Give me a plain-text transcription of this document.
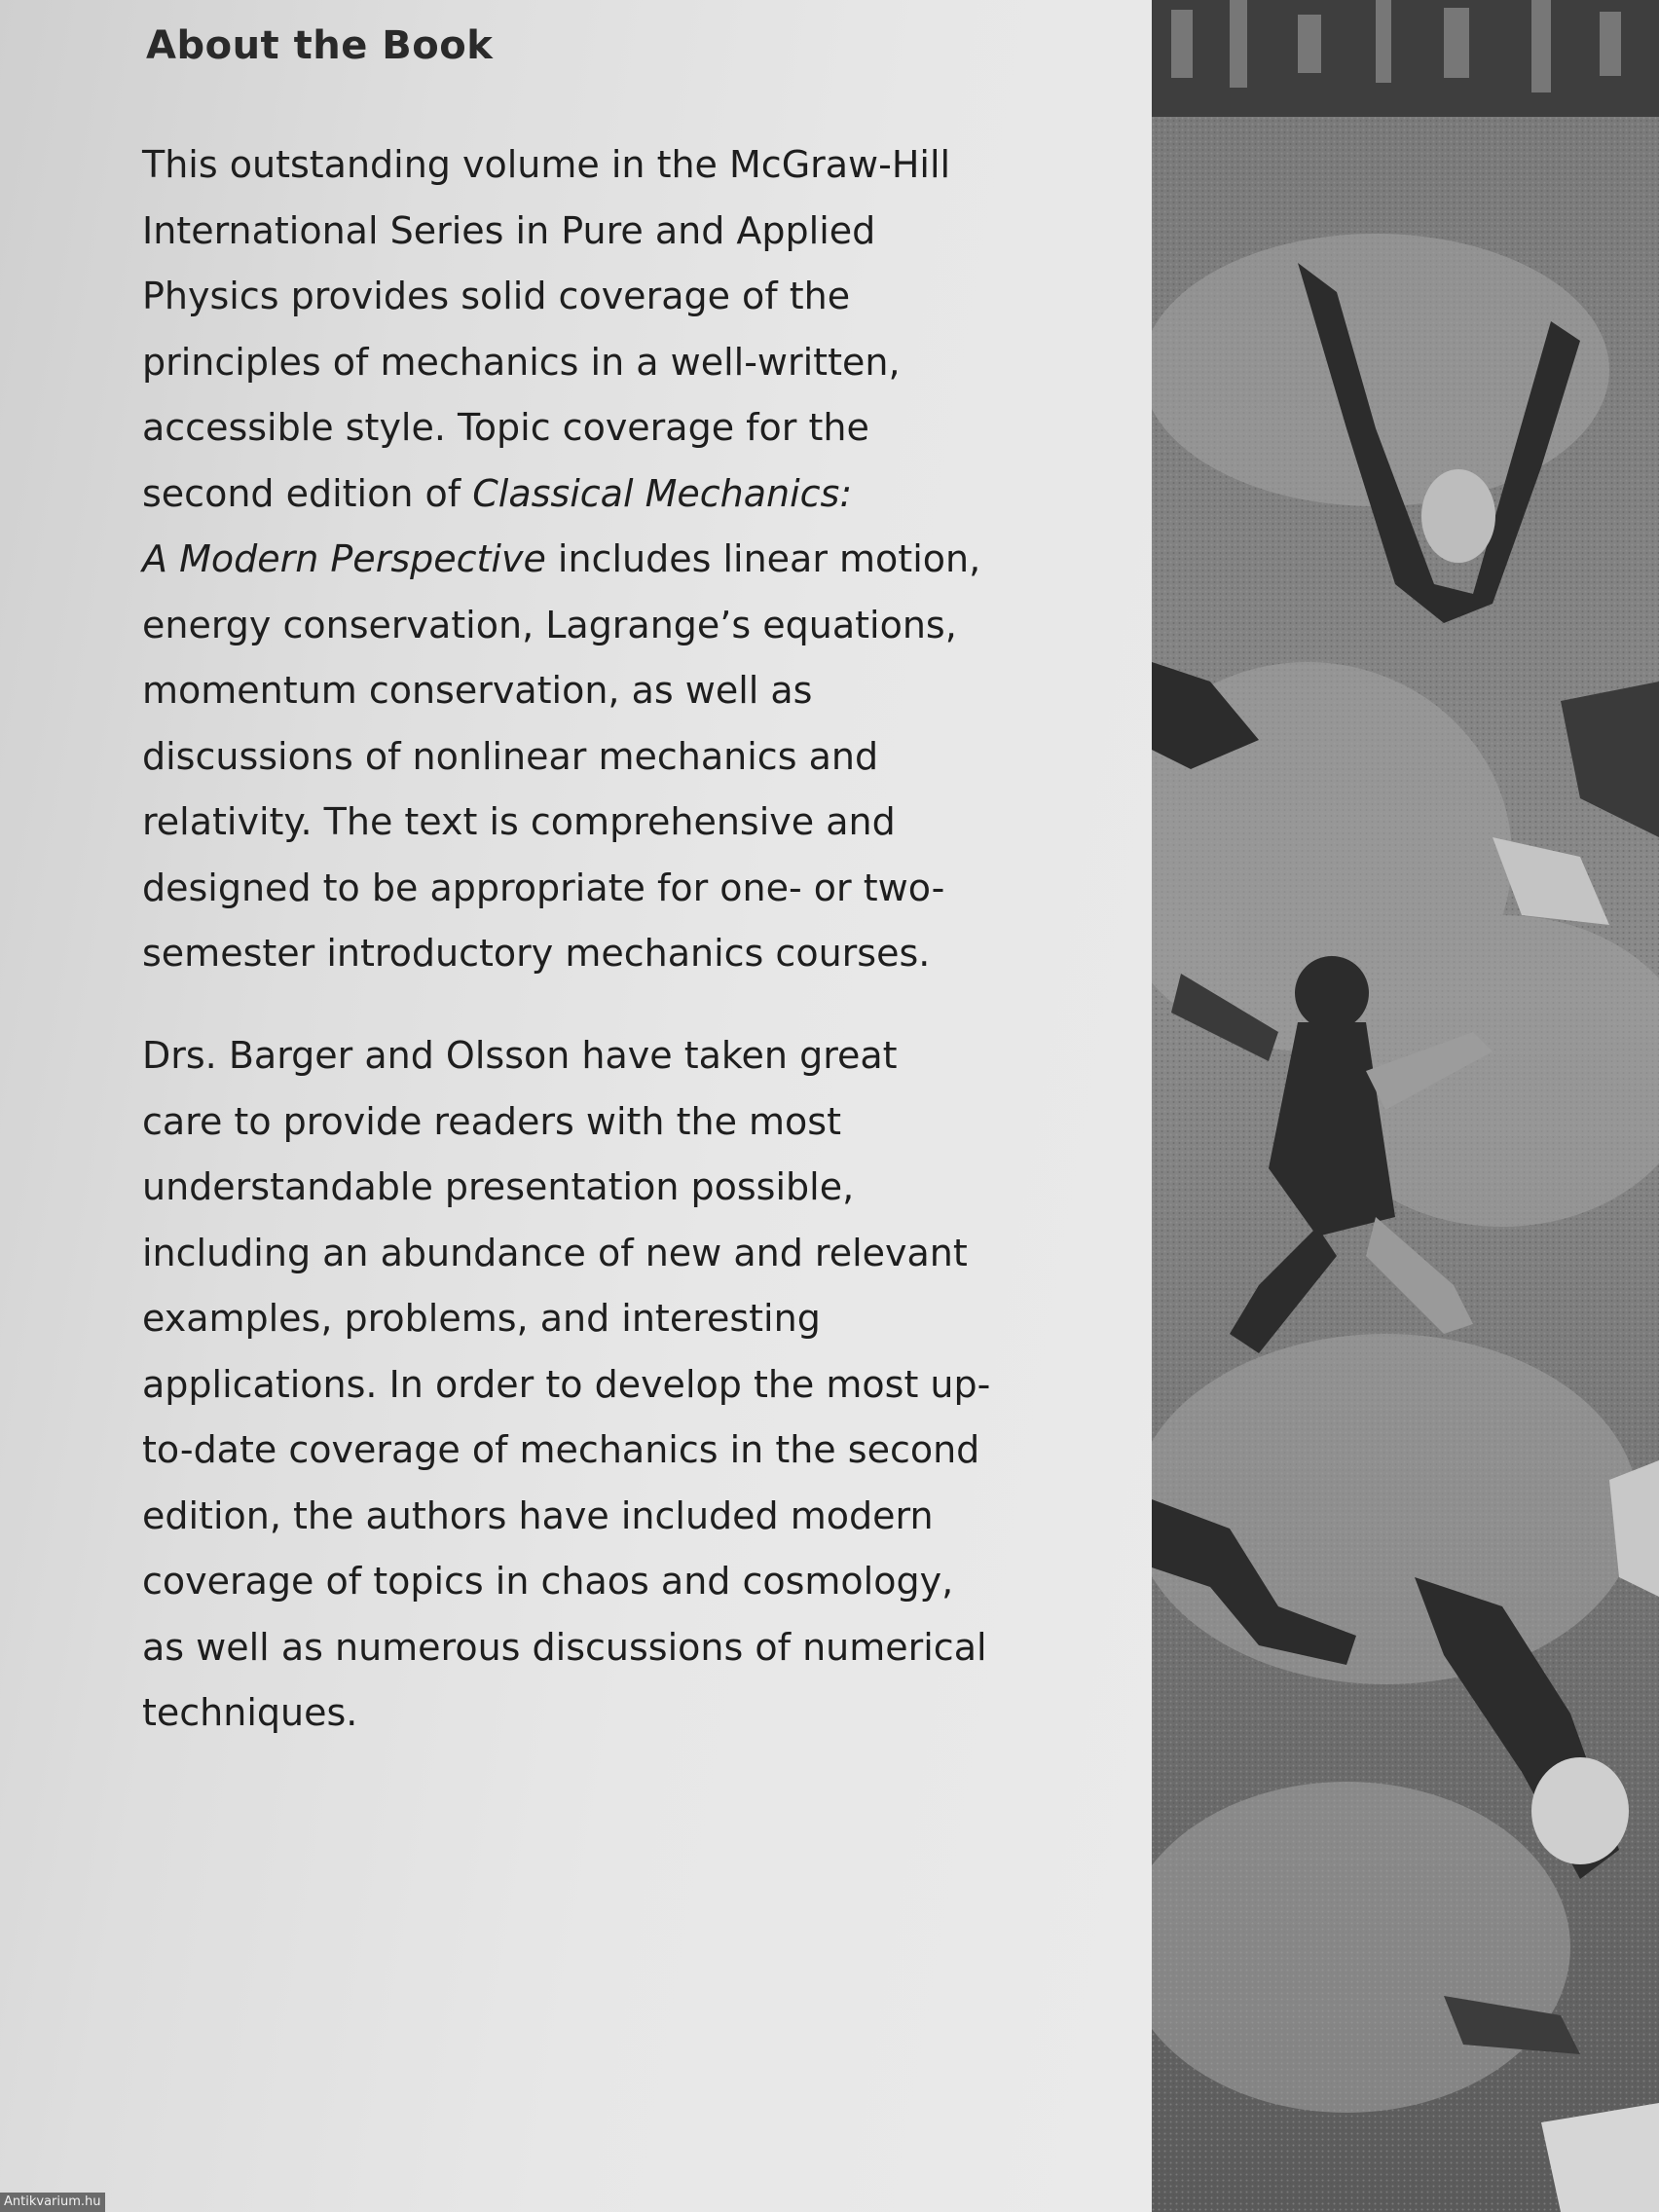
About the Book

This outstanding volume in the McGraw-Hill
International Series in Pure and Applied
Physics provides solid coverage of the
principles of mechanics in a well-written,
accessible style. Topic coverage for the
second edition of Classical Mechanics:
A Modern Perspective includes linear motion,
energy conservation, Lagrange’s equations,
momentum conservation, as well as
discussions of nonlinear mechanics and
relativity. The text is comprehensive and
designed to be appropriate for one- or two-
semester introductory mechanics courses.

Drs. Barger and Olsson have taken great
care to provide readers with the most
understandable presentation possible,
including an abundance of new and relevant
examples, problems, and interesting
applications. In order to develop the most up-
to-date coverage of mechanics in the second
edition, the authors have included modern
coverage of topics in chaos and cosmology,
as well as numerous discussions of numerical
techniques.

Antikvarium.hu
